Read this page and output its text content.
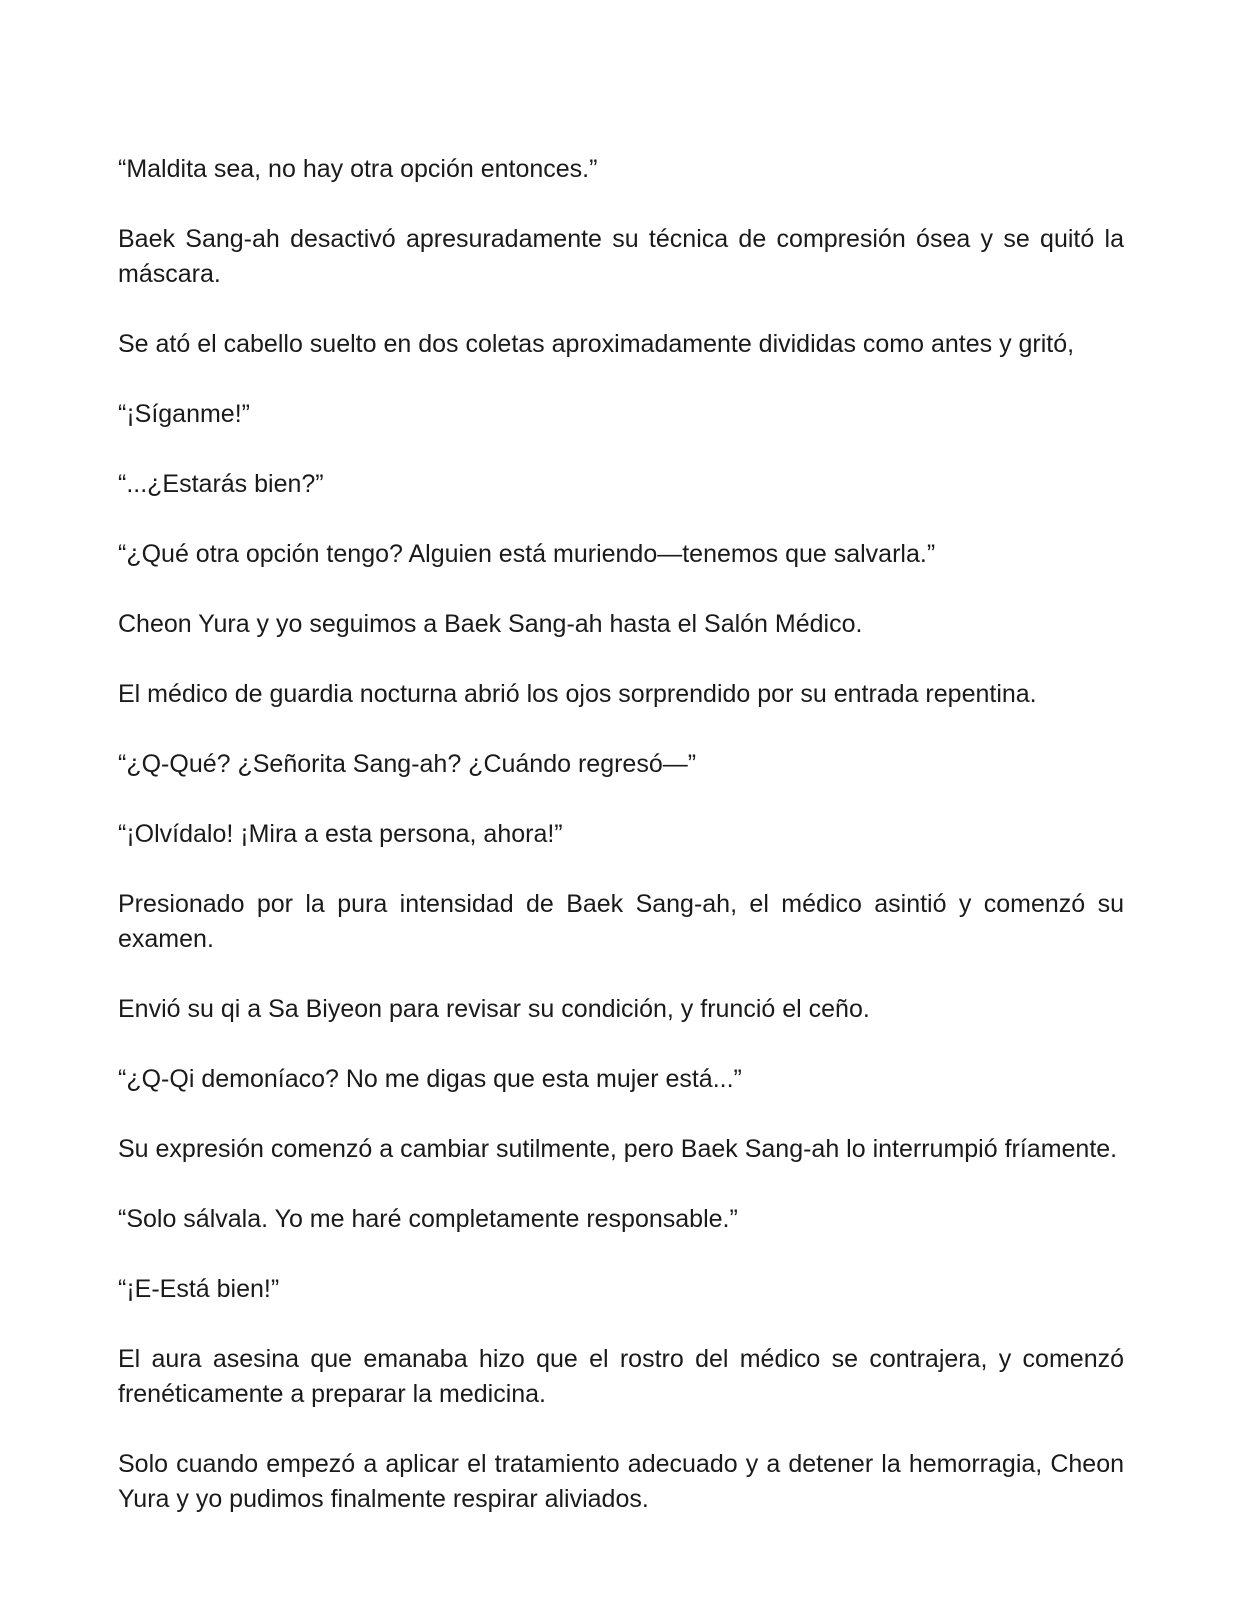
“Maldita sea, no hay otra opción entonces.”

Baek Sang-ah desactivó apresuradamente su técnica de compresión ósea y se quitó la máscara.

Se ató el cabello suelto en dos coletas aproximadamente divididas como antes y gritó,

“¡Síganme!”

“...¿Estarás bien?”

“¿Qué otra opción tengo? Alguien está muriendo—tenemos que salvarla.”

Cheon Yura y yo seguimos a Baek Sang-ah hasta el Salón Médico.

El médico de guardia nocturna abrió los ojos sorprendido por su entrada repentina.

“¿Q-Qué? ¿Señorita Sang-ah? ¿Cuándo regresó—”

“¡Olvídalo! ¡Mira a esta persona, ahora!”

Presionado por la pura intensidad de Baek Sang-ah, el médico asintió y comenzó su examen.

Envió su qi a Sa Biyeon para revisar su condición, y frunció el ceño.

“¿Q-Qi demoníaco? No me digas que esta mujer está...”

Su expresión comenzó a cambiar sutilmente, pero Baek Sang-ah lo interrumpió fríamente.

“Solo sálvala. Yo me haré completamente responsable.”

“¡E-Está bien!”

El aura asesina que emanaba hizo que el rostro del médico se contrajera, y comenzó frenéticamente a preparar la medicina.

Solo cuando empezó a aplicar el tratamiento adecuado y a detener la hemorragia, Cheon Yura y yo pudimos finalmente respirar aliviados.
